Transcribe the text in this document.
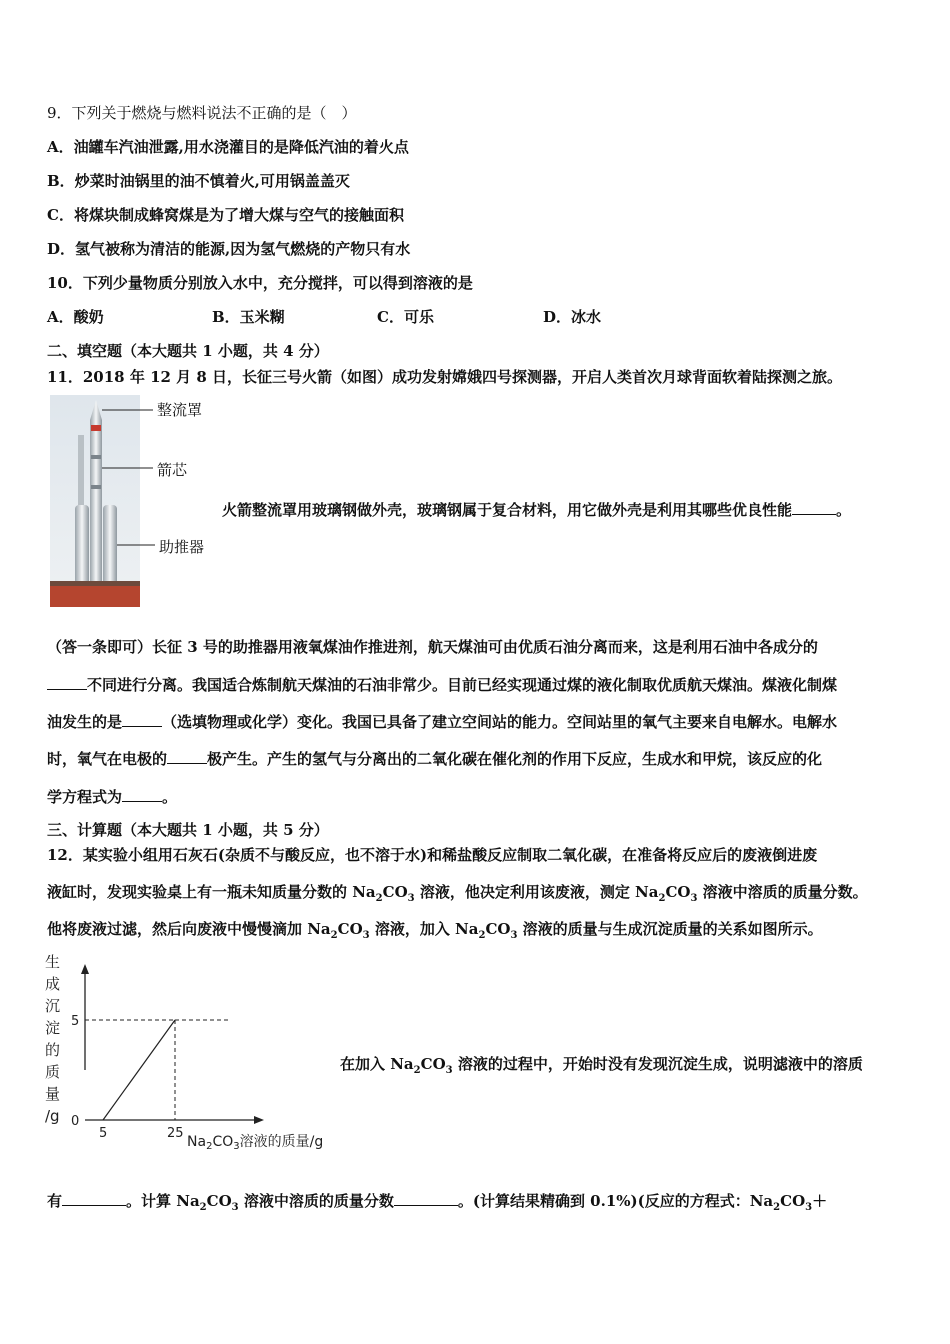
9．下列关于燃烧与燃料说法不正确的是（　）
A．油罐车汽油泄露,用水浇灌目的是降低汽油的着火点
B．炒菜时油锅里的油不慎着火,可用锅盖盖灭
C．将煤块制成蜂窝煤是为了增大煤与空气的接触面积
D．氢气被称为清洁的能源,因为氢气燃烧的产物只有水
10．下列少量物质分别放入水中，充分搅拌，可以得到溶液的是
A．酸奶	B．玉米糊	C．可乐	D．冰水
二、填空题（本大题共 1 小题，共 4 分）
11．2018 年 12 月 8 日，长征三号火箭（如图）成功发射嫦娥四号探测器，开启人类首次月球背面软着陆探测之旅。
整流罩
箭芯
助推器
火箭整流罩用玻璃钢做外壳，玻璃钢属于复合材料，用它做外壳是利用其哪些优良性能	。
（答一条即可）长征 3 号的助推器用液氧煤油作推进剂，航天煤油可由优质石油分离而来，这是利用石油中各成分的
不同进行分离。我国适合炼制航天煤油的石油非常少。目前已经实现通过煤的液化制取优质航天煤油。煤液化制煤
油发生的是	（选填物理或化学）变化。我国已具备了建立空间站的能力。空间站里的氧气主要来自电解水。电解水
时，氧气在电极的	极产生。产生的氢气与分离出的二氧化碳在催化剂的作用下反应，生成水和甲烷，该反应的化
学方程式为	。
三、计算题（本大题共 1 小题，共 5 分）
12．某实验小组用石灰石(杂质不与酸反应，也不溶于水)和稀盐酸反应制取二氧化碳，在准备将反应后的废液倒进废
液缸时，发现实验桌上有一瓶未知质量分数的 $Na_2CO_3$ 溶液，他决定利用该废液，测定 $Na_2CO_3$ 溶液中溶质的质量分数。
他将废液过滤，然后向废液中慢慢滴加 $Na_2CO_3$ 溶液，加入 $Na_2CO_3$ 溶液的质量与生成沉淀质量的关系如图所示。
生
成
沉
淀
的
质
量
/g 0
5	25
5
$Na_2CO_3$溶液的质量/g
在加入 $Na_2CO_3$ 溶液的过程中，开始时没有发现沉淀生成，说明滤液中的溶质
有	。计算 $Na_2CO_3$ 溶液中溶质的质量分数	。(计算结果精确到 0.1%)(反应的方程式：$Na_2CO_3+$
